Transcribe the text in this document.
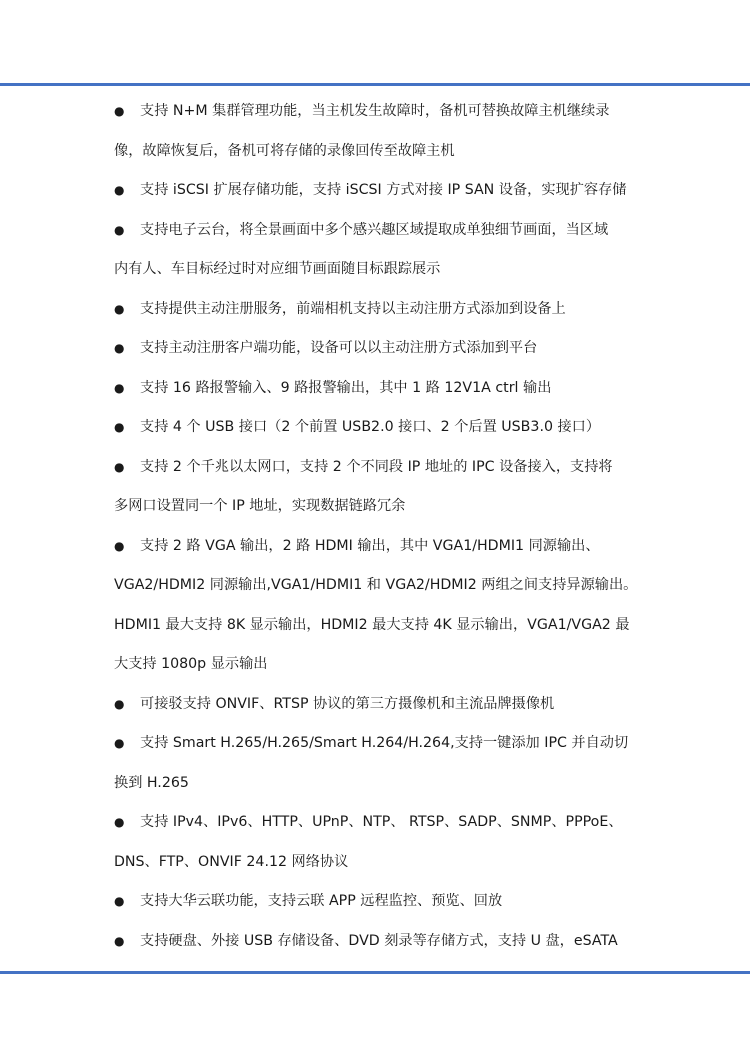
●	支持 N+M 集群管理功能，当主机发生故障时，备机可替换故障主机继续录
像，故障恢复后，备机可将存储的录像回传至故障主机
●	支持 iSCSI 扩展存储功能，支持 iSCSI 方式对接 IP SAN 设备，实现扩容存储
●	支持电子云台，将全景画面中多个感兴趣区域提取成单独细节画面，当区域
内有人、车目标经过时对应细节画面随目标跟踪展示
●	支持提供主动注册服务，前端相机支持以主动注册方式添加到设备上
●	支持主动注册客户端功能，设备可以以主动注册方式添加到平台
●	支持 16 路报警输入、9 路报警输出，其中 1 路 12V1A ctrl 输出
●	支持 4 个 USB 接口（2 个前置 USB2.0 接口、2 个后置 USB3.0 接口）
●	支持 2 个千兆以太网口，支持 2 个不同段 IP 地址的 IPC 设备接入，支持将
多网口设置同一个 IP 地址，实现数据链路冗余
●	支持 2 路 VGA 输出，2 路 HDMI 输出，其中 VGA1/HDMI1 同源输出、
VGA2/HDMI2 同源输出,VGA1/HDMI1 和 VGA2/HDMI2 两组之间支持异源输出。
HDMI1 最大支持 8K 显示输出，HDMI2 最大支持 4K 显示输出，VGA1/VGA2 最
大支持 1080p 显示输出
●	可接驳支持 ONVIF、RTSP 协议的第三方摄像机和主流品牌摄像机
●	支持 Smart H.265/H.265/Smart H.264/H.264,支持一键添加 IPC 并自动切
换到 H.265
●	支持 IPv4、IPv6、HTTP、UPnP、NTP、 RTSP、SADP、SNMP、PPPoE、
DNS、FTP、ONVIF 24.12 网络协议
●	支持大华云联功能，支持云联 APP 远程监控、预览、回放
●	支持硬盘、外接 USB 存储设备、DVD 刻录等存储方式，支持 U 盘，eSATA
